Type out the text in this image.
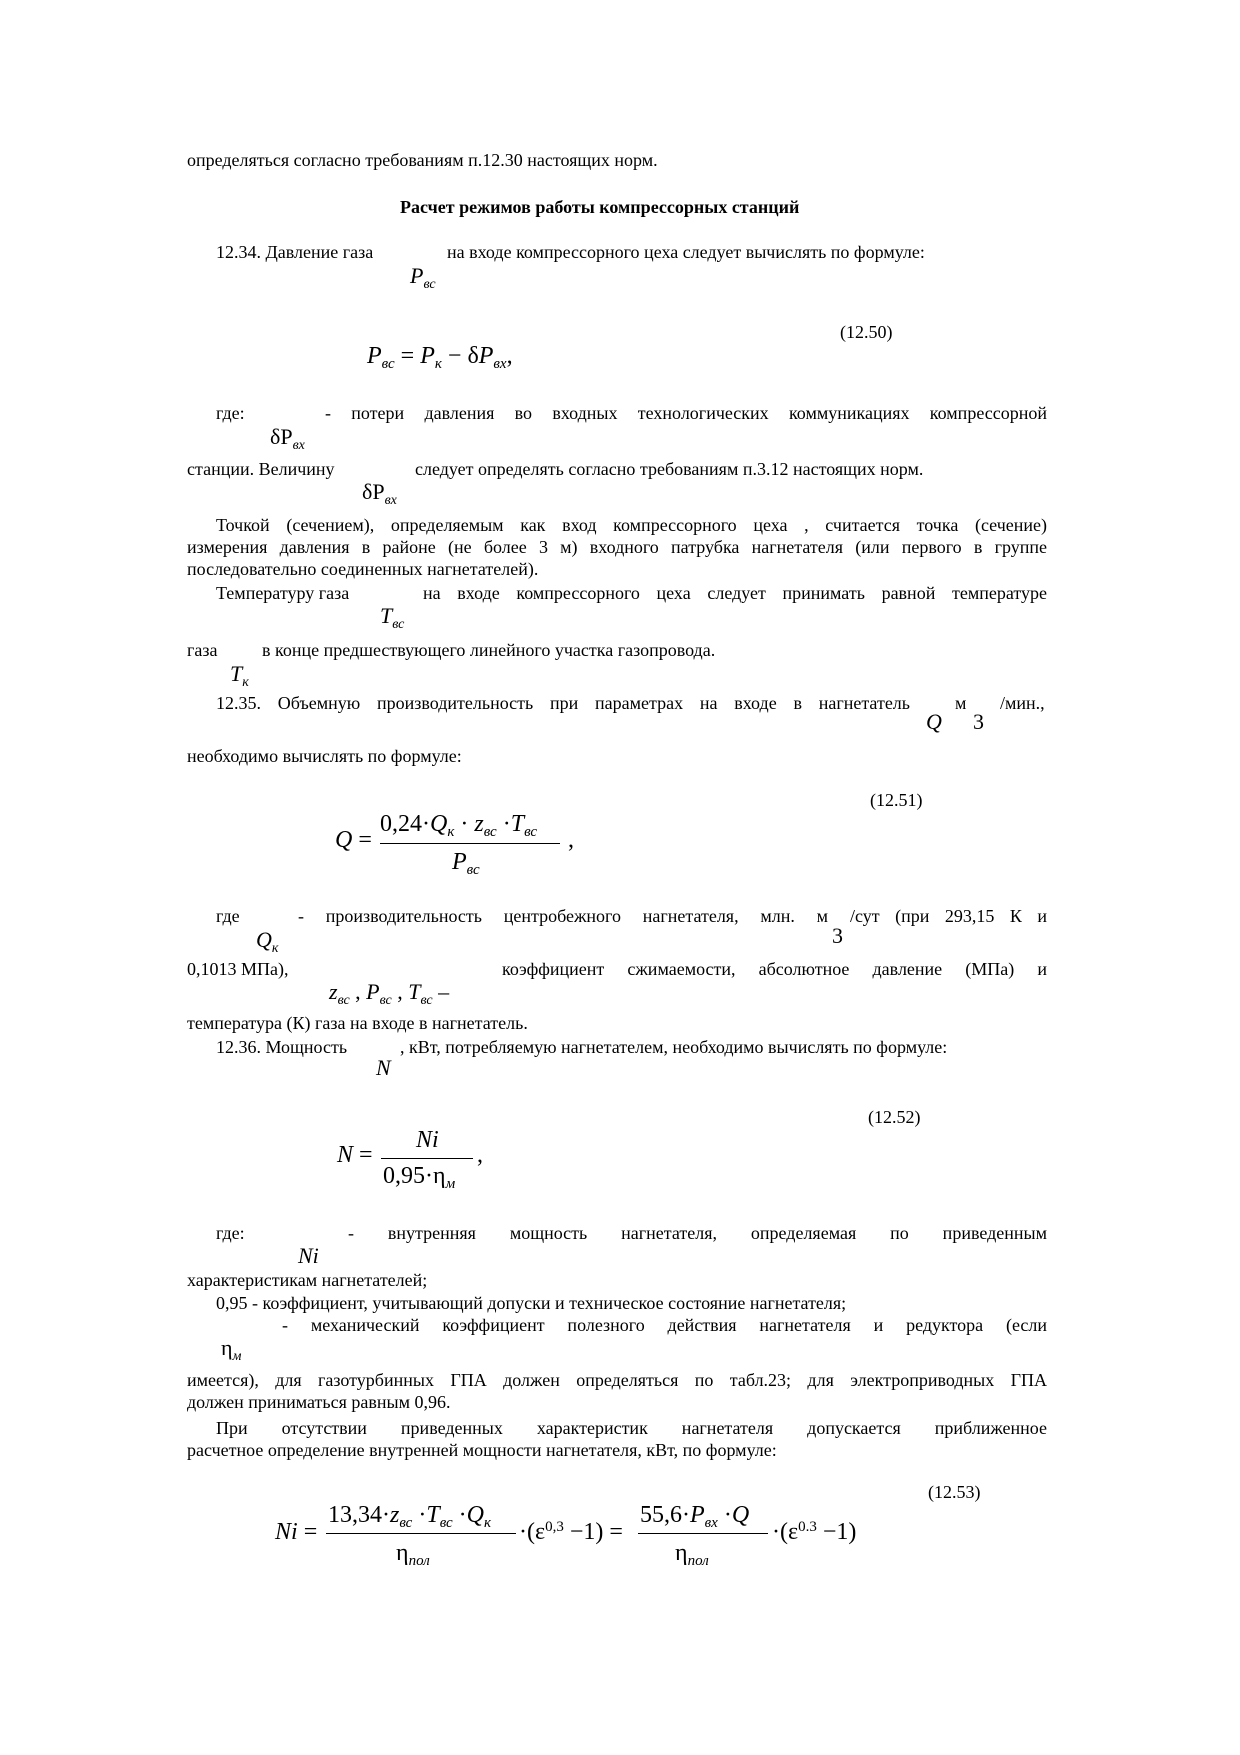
определяться согласно требованиям п.12.30 настоящих норм.
Расчет режимов работы компрессорных станций
12.34. Давление газа	на входе компрессорного цеха следует вычислять по формуле:
$P_{вс}$
(12.50)
$P_{вс} = P_к - \delta P_{вх}$,
где:	- потери давления во входных технологических коммуникациях компрессорной
$\delta P_{вх}$
станции. Величину	следует определять согласно требованиям п.3.12 настоящих норм.
$\delta P_{вх}$
Точкой (сечением), определяемым как вход компрессорного цеха , считается точка (сечение)
измерения давления в районе (не более 3 м) входного патрубка нагнетателя (или первого в группе
последовательно соединенных нагнетателей).
Температуру газа	на входе компрессорного цеха следует принимать равной температуре
$T_{вс}$
газа в конце предшествующего линейного участка газопровода.
$T_к$
12.35. Объемную производительность при параметрах на входе в нагнетатель	м /мин.,
Q 3
необходимо вычислять по формуле:
(12.51)
Q =
$0,24\cdot Q_к \cdot z_{вс} \cdot T_{вс}$ ,
$P_{вс}$
где	- производительность центробежного нагнетателя, млн. м /сут (при 293,15 К и
3
$Q_к$
0,1013 МПа),	коэффициент сжимаемости, абсолютное давление (МПа) и
$z_{вс}$ , $P_{вс}$ , $T_{вс}$ –
температура (К) газа на входе в нагнетатель.
12.36. Мощность	, кВт, потребляемую нагнетателем, необходимо вычислять по формуле:
N
(12.52)
N =
Ni
,
$0,95\cdot\eta_м$
где:	- внутренняя мощность нагнетателя, определяемая по приведенным
Ni
характеристикам нагнетателей;
0,95 - коэффициент, учитывающий допуски и техническое состояние нагнетателя;
- механический коэффициент полезного действия нагнетателя и редуктора (если
$\eta_м$
имеется), для газотурбинных ГПА должен определяться по табл.23; для электроприводных ГПА
должен приниматься равным 0,96.
При отсутствии приведенных характеристик нагнетателя допускается приближенное
расчетное определение внутренней мощности нагнетателя, кВт, по формуле:
(12.53)
Ni =
$13,34\cdot z_{вс} \cdot T_{вс} \cdot Q_к$
$\eta_{пол}$
$\cdot(\varepsilon^{0,3} -1)$ =
$55,6\cdot P_{вх} \cdot Q$
$\eta_{пол}$
$\cdot(\varepsilon^{0.3} -1)$
